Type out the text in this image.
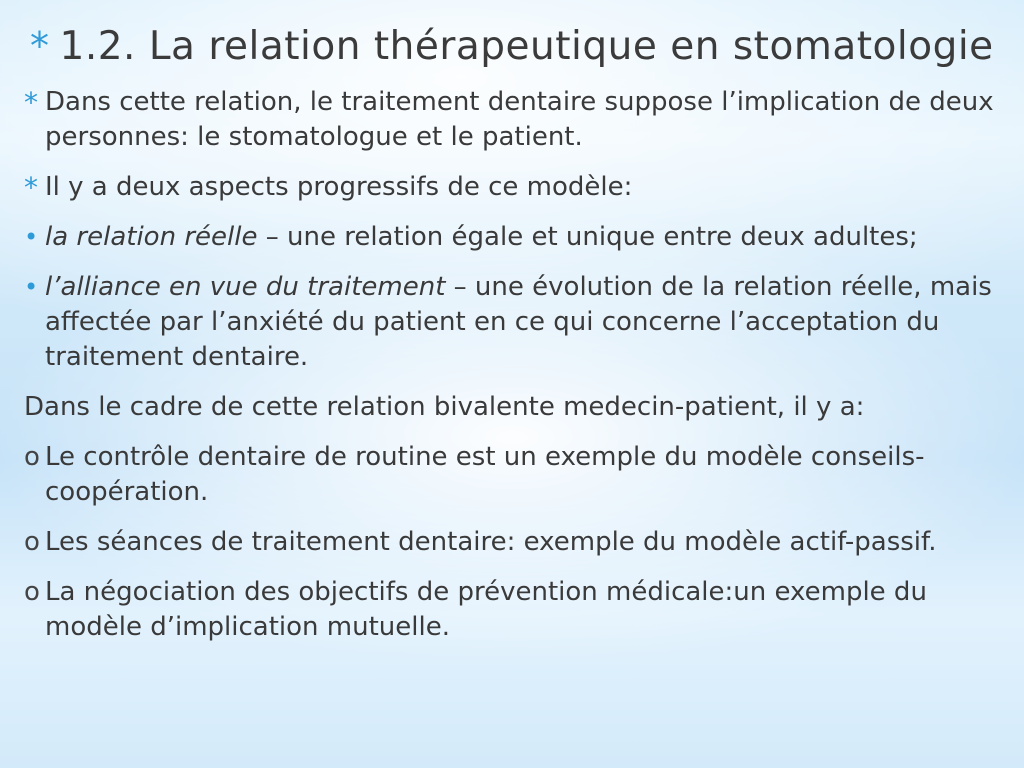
* 1.2. La relation thérapeutique en stomatologie

* Dans cette relation, le traitement dentaire suppose l’implication de deux personnes: le stomatologue et le patient.

* Il y a deux aspects progressifs de ce modèle:

• la relation réelle – une relation égale et unique entre deux adultes;

• l’alliance en vue du traitement – une évolution de la relation réelle, mais affectée par l’anxiété du patient en ce qui concerne l’acceptation du traitement dentaire.

Dans le cadre de cette relation bivalente medecin-patient, il y a:

o Le contrôle dentaire de routine est un exemple du modèle conseils-coopération.

o Les séances de traitement dentaire: exemple du modèle actif-passif.

o La négociation des objectifs de prévention médicale:un exemple du modèle d’implication mutuelle.
